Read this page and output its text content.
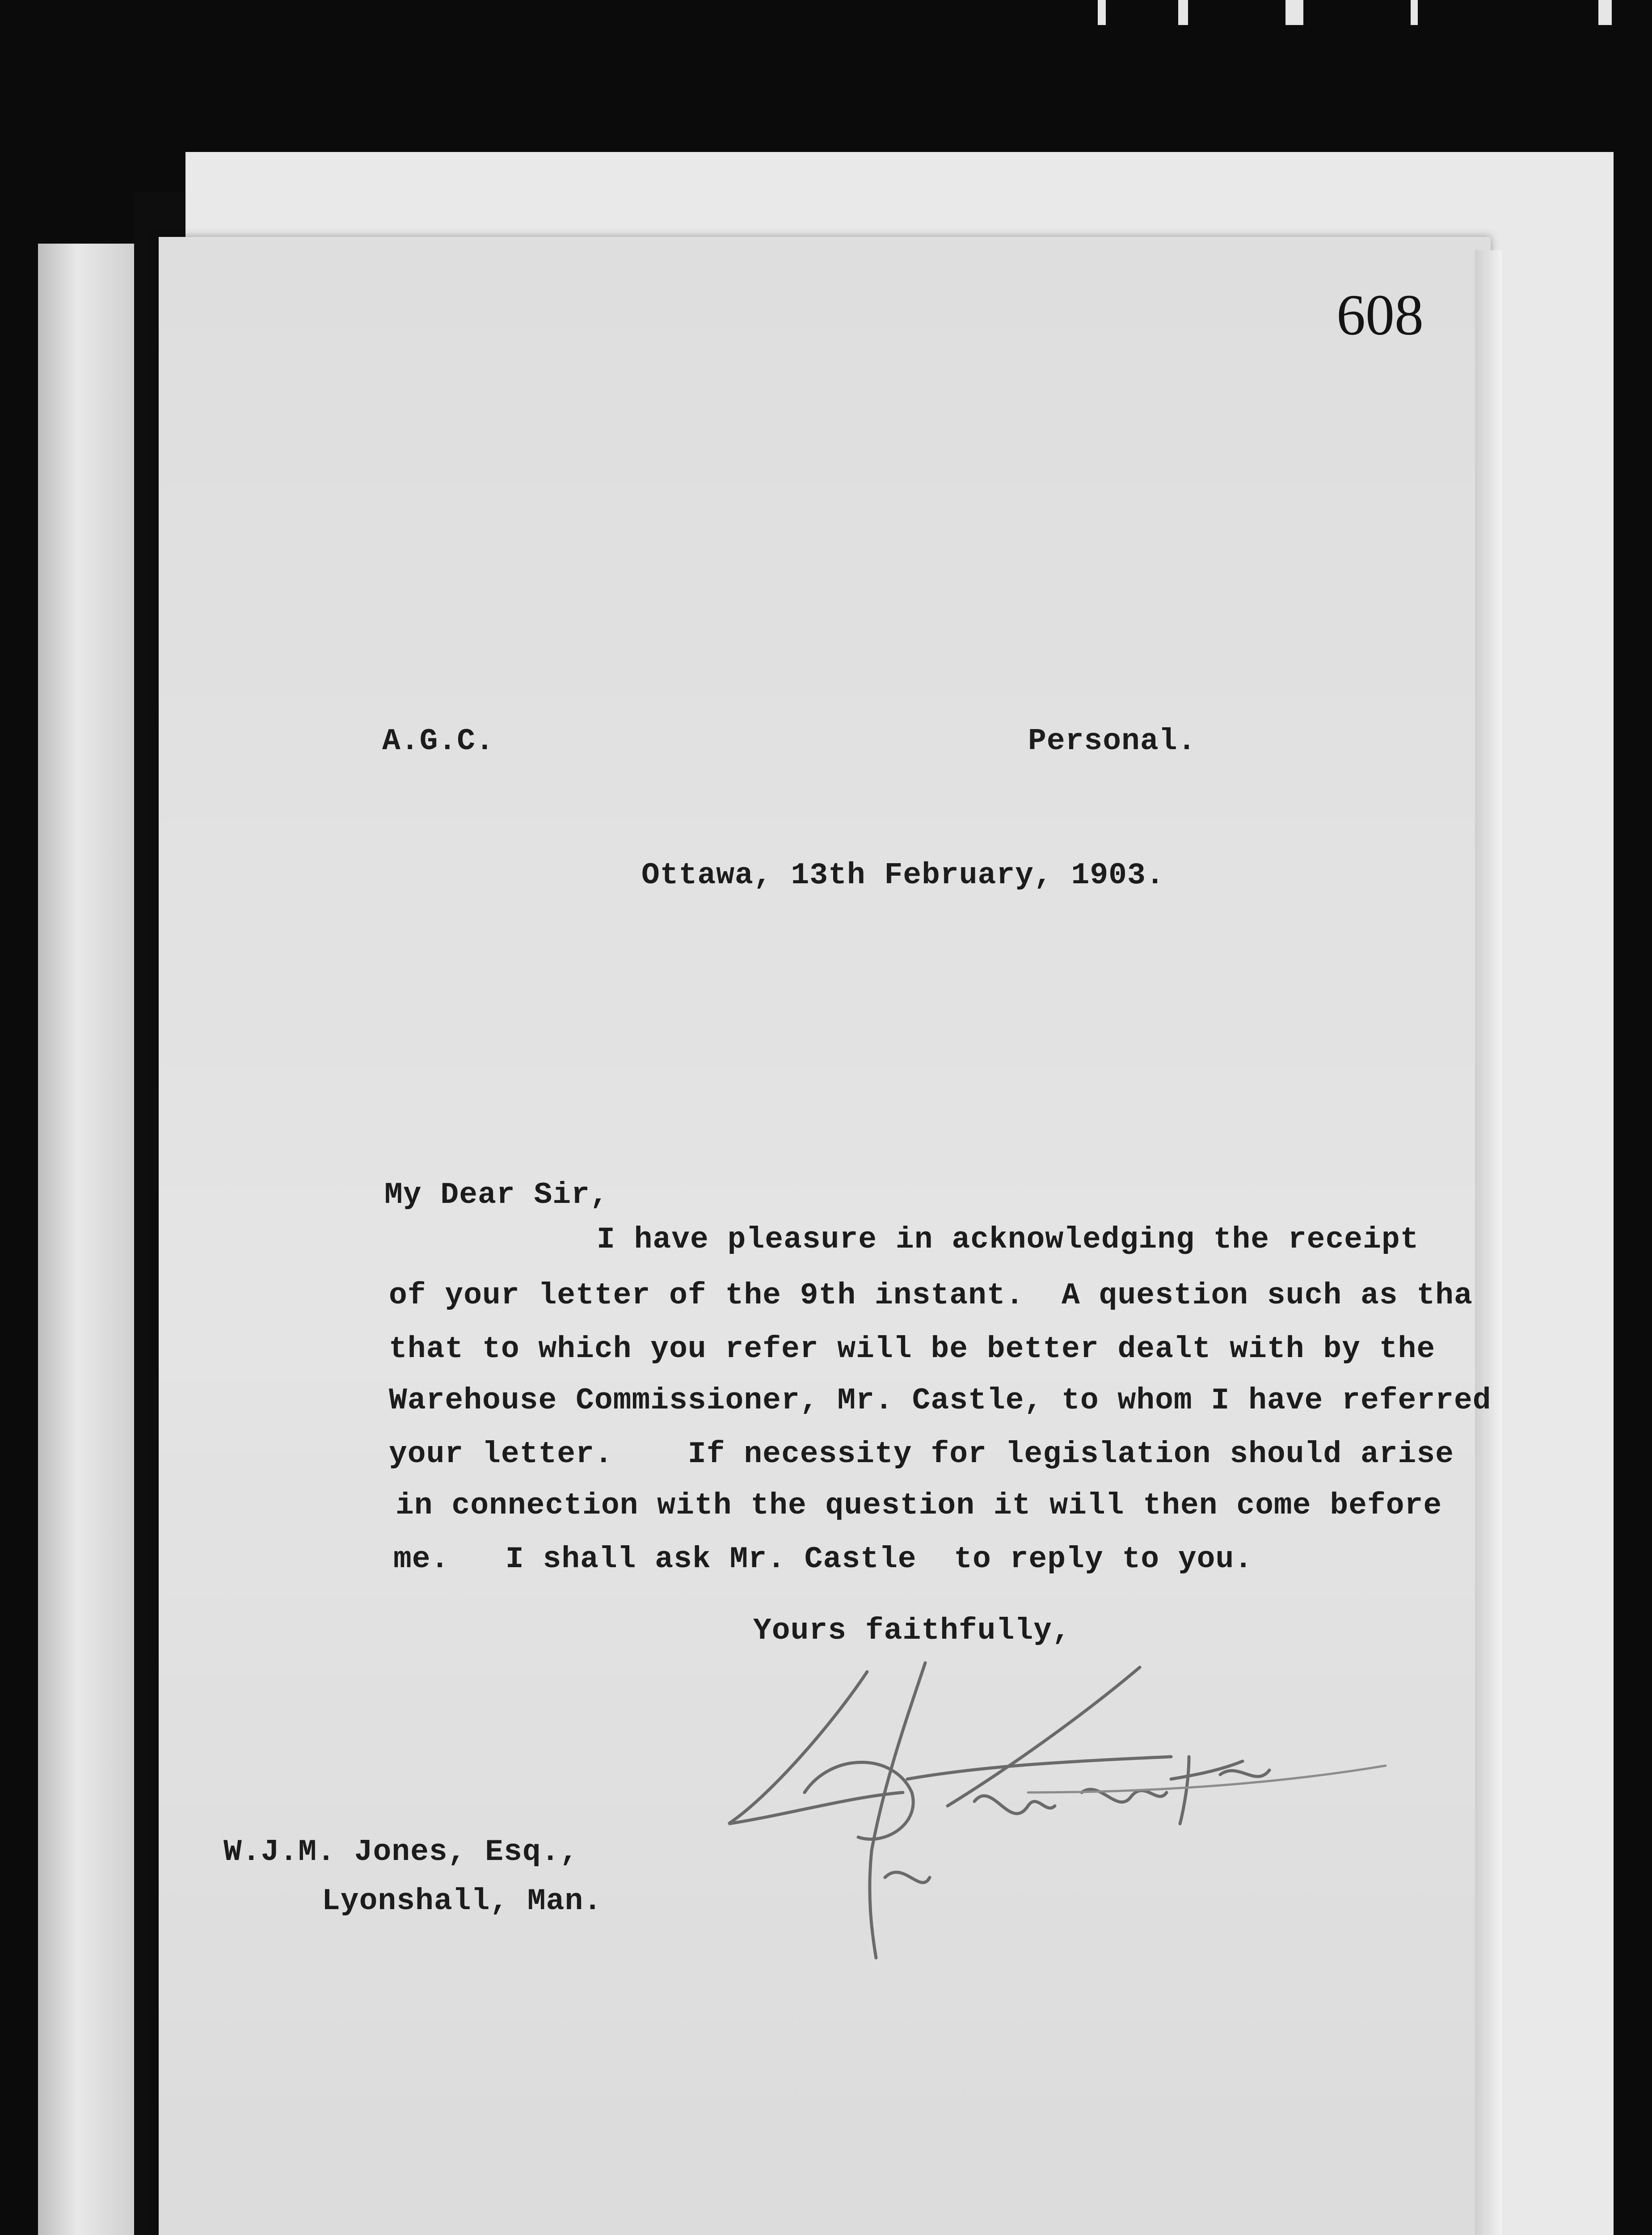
608
A.G.C.	Personal.
Ottawa, 13th February, 1903.
My Dear Sir,
I have pleasure in acknowledging the receipt
of your letter of the 9th instant.  A question such as tha
that to which you refer will be better dealt with by the
Warehouse Commissioner, Mr. Castle, to whom I have referred
your letter.    If necessity for legislation should arise
in connection with the question it will then come before
me.   I shall ask Mr. Castle  to reply to you.
Yours faithfully,
W.J.M. Jones, Esq.,
Lyonshall, Man.
